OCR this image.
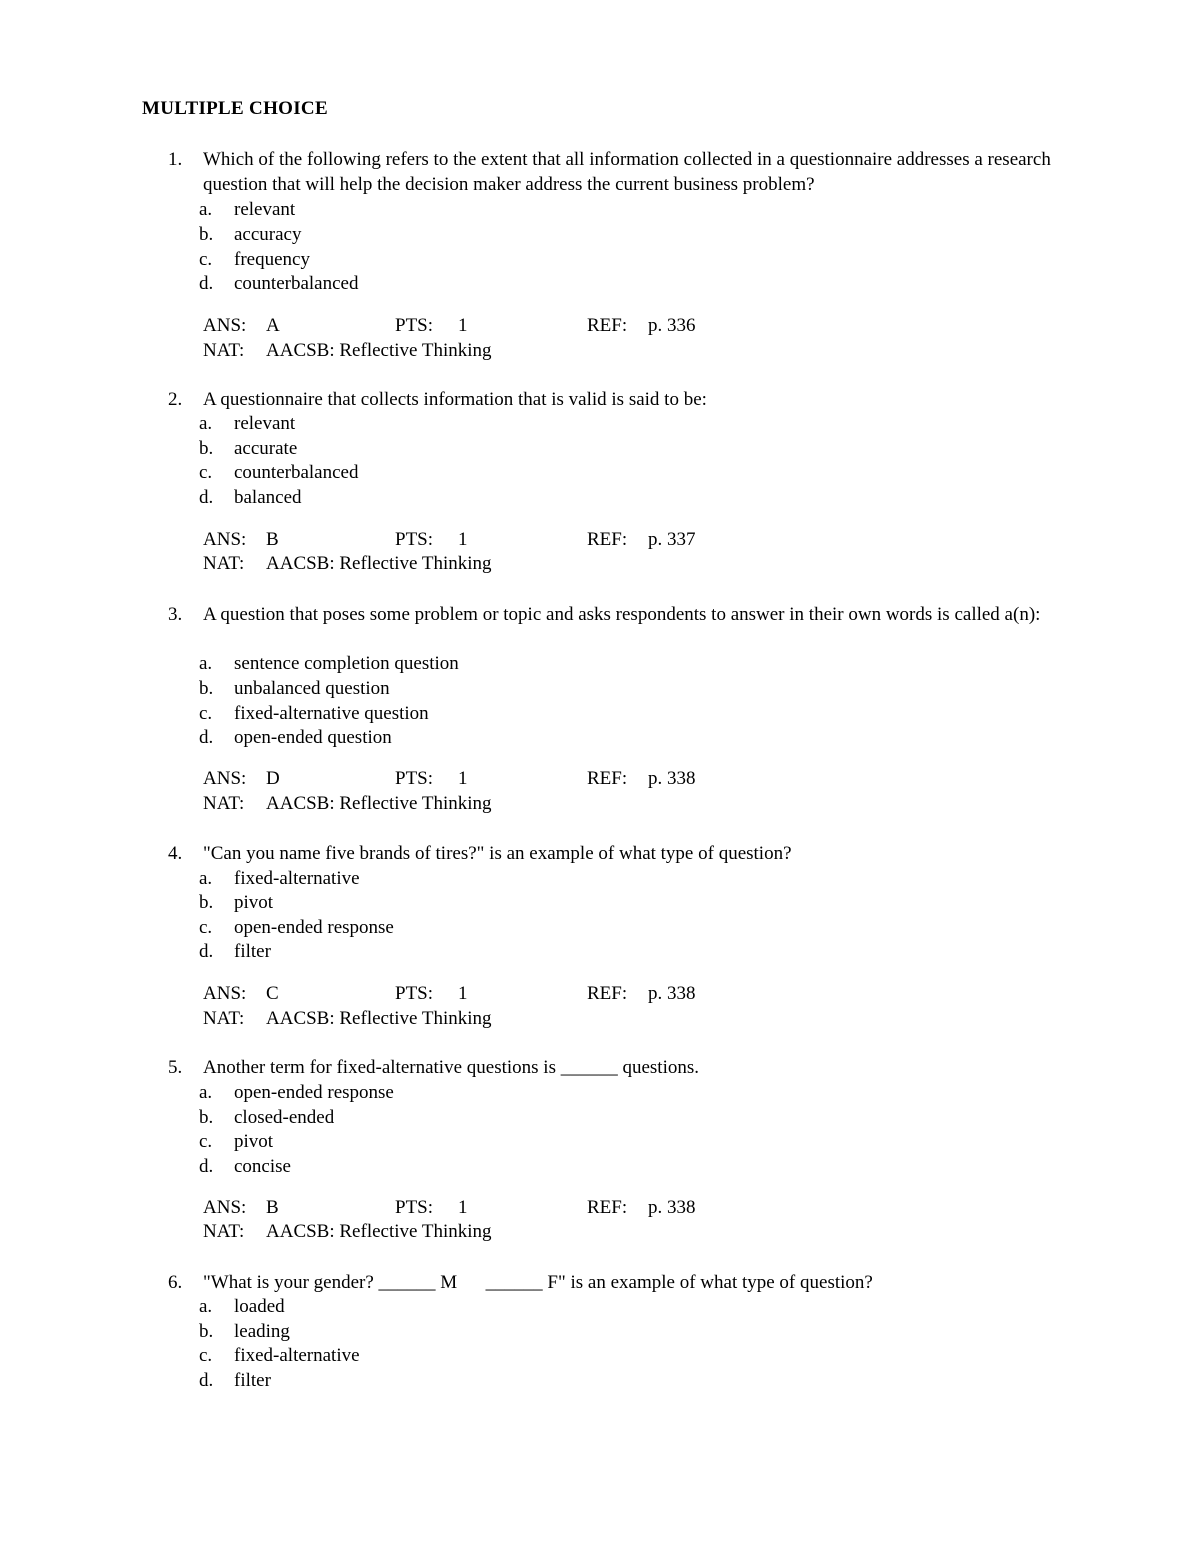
MULTIPLE CHOICE
1. Which of the following refers to the extent that all information collected in a questionnaire addresses a research question that will help the decision maker address the current business problem?
a. relevant
b. accuracy
c. frequency
d. counterbalanced
ANS: A	PTS: 1	REF: p. 336
NAT: AACSB: Reflective Thinking
2. A questionnaire that collects information that is valid is said to be:
a. relevant
b. accurate
c. counterbalanced
d. balanced
ANS: B	PTS: 1	REF: p. 337
NAT: AACSB: Reflective Thinking
3. A question that poses some problem or topic and asks respondents to answer in their own words is called a(n):
a. sentence completion question
b. unbalanced question
c. fixed-alternative question
d. open-ended question
ANS: D	PTS: 1	REF: p. 338
NAT: AACSB: Reflective Thinking
4. "Can you name five brands of tires?" is an example of what type of question?
a. fixed-alternative
b. pivot
c. open-ended response
d. filter
ANS: C	PTS: 1	REF: p. 338
NAT: AACSB: Reflective Thinking
5. Another term for fixed-alternative questions is ______ questions.
a. open-ended response
b. closed-ended
c. pivot
d. concise
ANS: B	PTS: 1	REF: p. 338
NAT: AACSB: Reflective Thinking
6. "What is your gender? ______ M      ______ F" is an example of what type of question?
a. loaded
b. leading
c. fixed-alternative
d. filter
